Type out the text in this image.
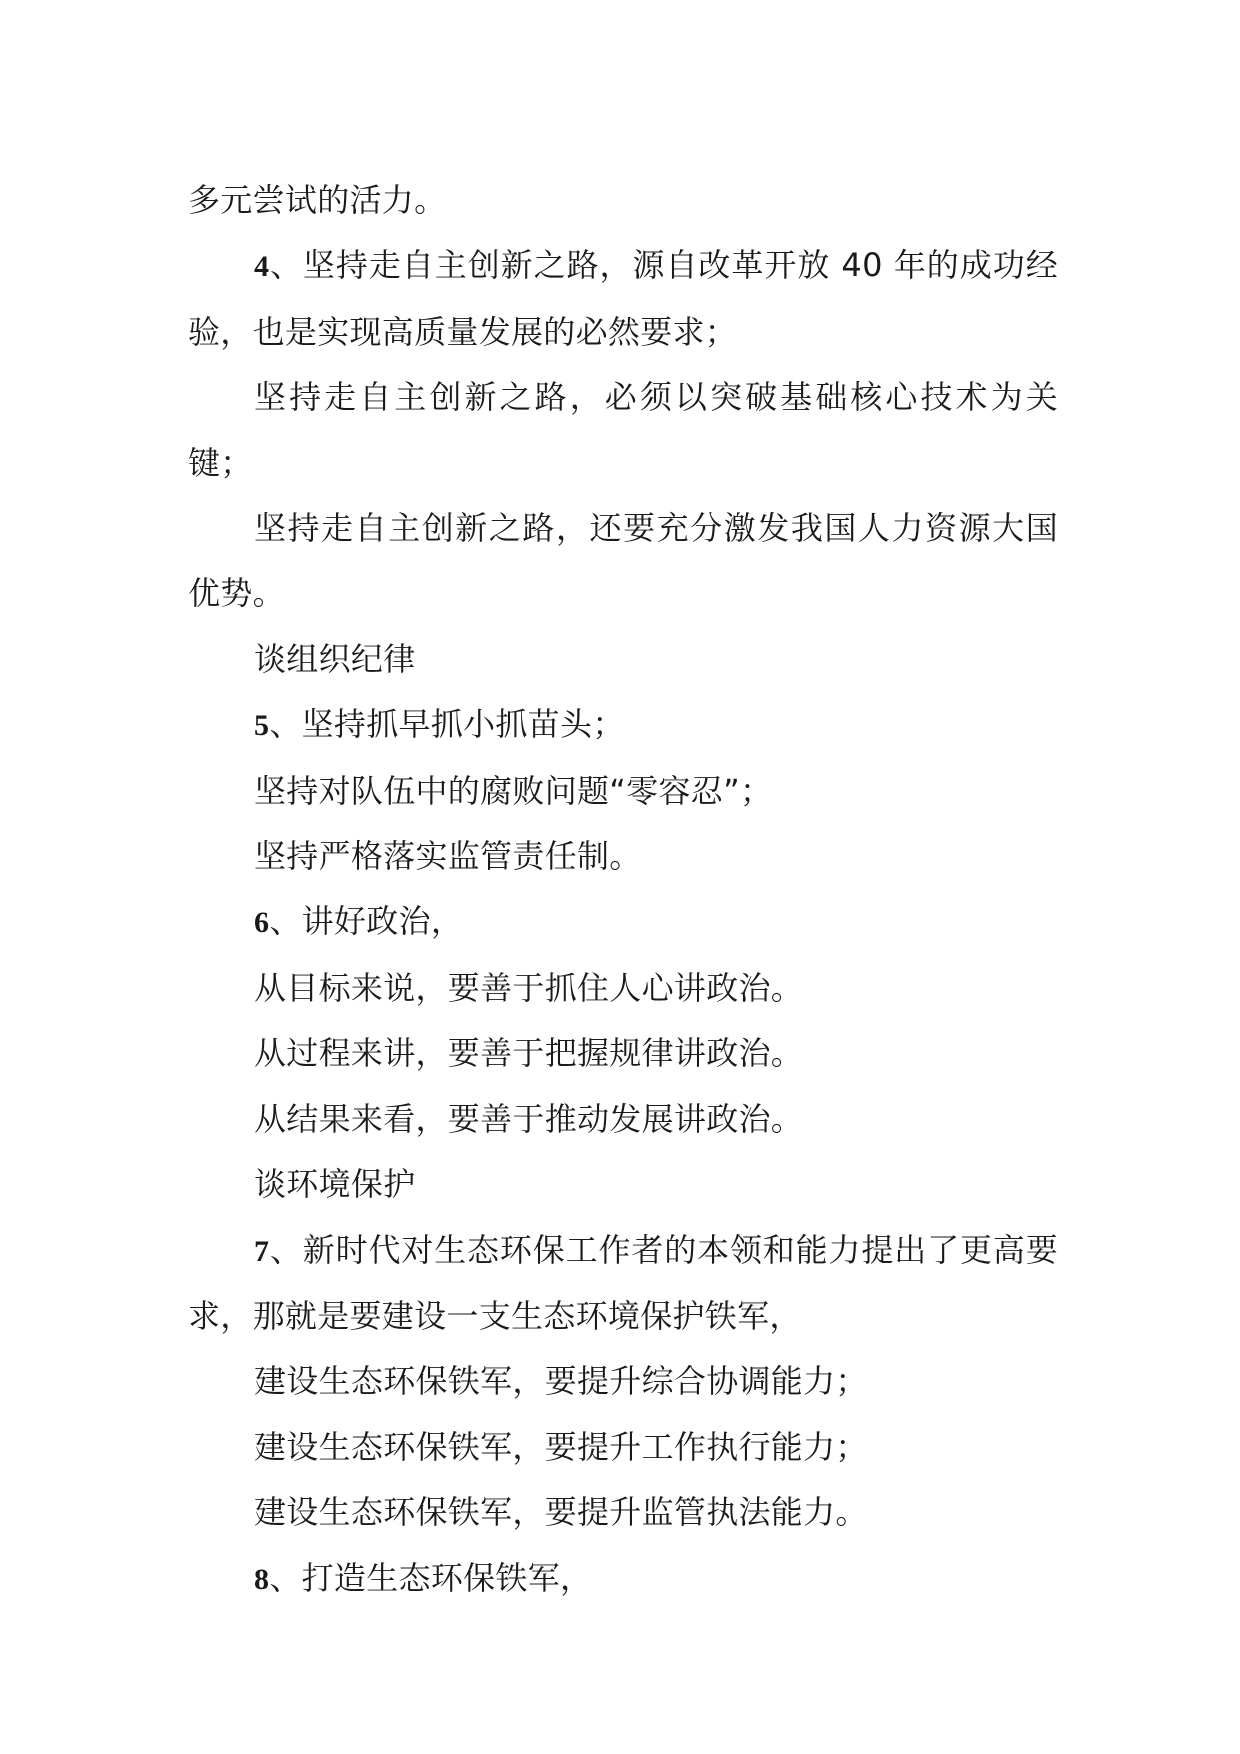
多元尝试的活力。

4、坚持走自主创新之路，源自改革开放 40 年的成功经验，也是实现高质量发展的必然要求；

坚持走自主创新之路，必须以突破基础核心技术为关键；

坚持走自主创新之路，还要充分激发我国人力资源大国优势。

谈组织纪律

5、坚持抓早抓小抓苗头；

坚持对队伍中的腐败问题“零容忍”；

坚持严格落实监管责任制。

6、讲好政治，

从目标来说，要善于抓住人心讲政治。

从过程来讲，要善于把握规律讲政治。

从结果来看，要善于推动发展讲政治。

谈环境保护

7、新时代对生态环保工作者的本领和能力提出了更高要求，那就是要建设一支生态环境保护铁军，

建设生态环保铁军，要提升综合协调能力；

建设生态环保铁军，要提升工作执行能力；

建设生态环保铁军，要提升监管执法能力。

8、打造生态环保铁军，
